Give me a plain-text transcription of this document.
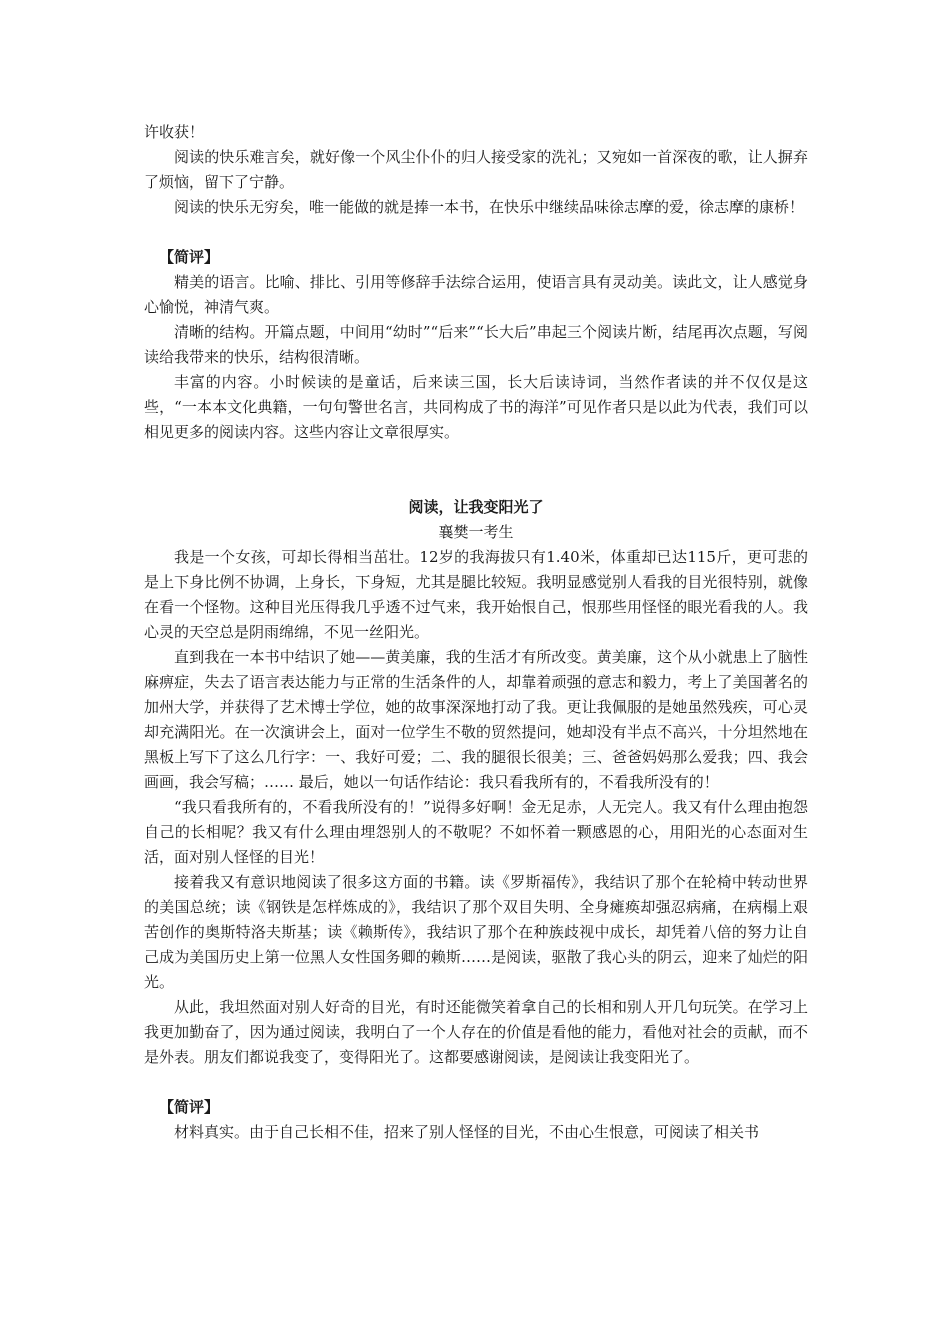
许收获！

阅读的快乐难言矣，就好像一个风尘仆仆的归人接受家的洗礼；又宛如一首深夜的歌，让人摒弃了烦恼，留下了宁静。

阅读的快乐无穷矣，唯一能做的就是捧一本书，在快乐中继续品味徐志摩的爱，徐志摩的康桥！

【简评】

精美的语言。比喻、排比、引用等修辞手法综合运用，使语言具有灵动美。读此文，让人感觉身心愉悦，神清气爽。

清晰的结构。开篇点题，中间用“幼时”“后来”“长大后”串起三个阅读片断，结尾再次点题，写阅读给我带来的快乐，结构很清晰。

丰富的内容。小时候读的是童话，后来读三国，长大后读诗词，当然作者读的并不仅仅是这些，“一本本文化典籍，一句句警世名言，共同构成了书的海洋”可见作者只是以此为代表，我们可以相见更多的阅读内容。这些内容让文章很厚实。

阅读，让我变阳光了
襄樊一考生

我是一个女孩，可却长得相当茁壮。12岁的我海拔只有1.40米，体重却已达115斤，更可悲的是上下身比例不协调，上身长，下身短，尤其是腿比较短。我明显感觉别人看我的目光很特别，就像在看一个怪物。这种目光压得我几乎透不过气来，我开始恨自己，恨那些用怪怪的眼光看我的人。我心灵的天空总是阴雨绵绵，不见一丝阳光。

直到我在一本书中结识了她——黄美廉，我的生活才有所改变。黄美廉，这个从小就患上了脑性麻痹症，失去了语言表达能力与正常的生活条件的人，却靠着顽强的意志和毅力，考上了美国著名的加州大学，并获得了艺术博士学位，她的故事深深地打动了我。更让我佩服的是她虽然残疾，可心灵却充满阳光。在一次演讲会上，面对一位学生不敬的贸然提问，她却没有半点不高兴，十分坦然地在黑板上写下了这么几行字：一、我好可爱；二、我的腿很长很美；三、爸爸妈妈那么爱我；四、我会画画，我会写稿；…… 最后，她以一句话作结论：我只看我所有的，不看我所没有的！

“我只看我所有的，不看我所没有的！”说得多好啊！金无足赤，人无完人。我又有什么理由抱怨自己的长相呢？我又有什么理由埋怨别人的不敬呢？不如怀着一颗感恩的心，用阳光的心态面对生活，面对别人怪怪的目光！

接着我又有意识地阅读了很多这方面的书籍。读《罗斯福传》，我结识了那个在轮椅中转动世界的美国总统；读《钢铁是怎样炼成的》，我结识了那个双目失明、全身瘫痪却强忍病痛，在病榻上艰苦创作的奥斯特洛夫斯基；读《赖斯传》，我结识了那个在种族歧视中成长，却凭着八倍的努力让自己成为美国历史上第一位黑人女性国务卿的赖斯……是阅读，驱散了我心头的阴云，迎来了灿烂的阳光。

从此，我坦然面对别人好奇的目光，有时还能微笑着拿自己的长相和别人开几句玩笑。在学习上我更加勤奋了，因为通过阅读，我明白了一个人存在的价值是看他的能力，看他对社会的贡献，而不是外表。朋友们都说我变了，变得阳光了。这都要感谢阅读，是阅读让我变阳光了。

【简评】

材料真实。由于自己长相不佳，招来了别人怪怪的目光，不由心生恨意，可阅读了相关书
